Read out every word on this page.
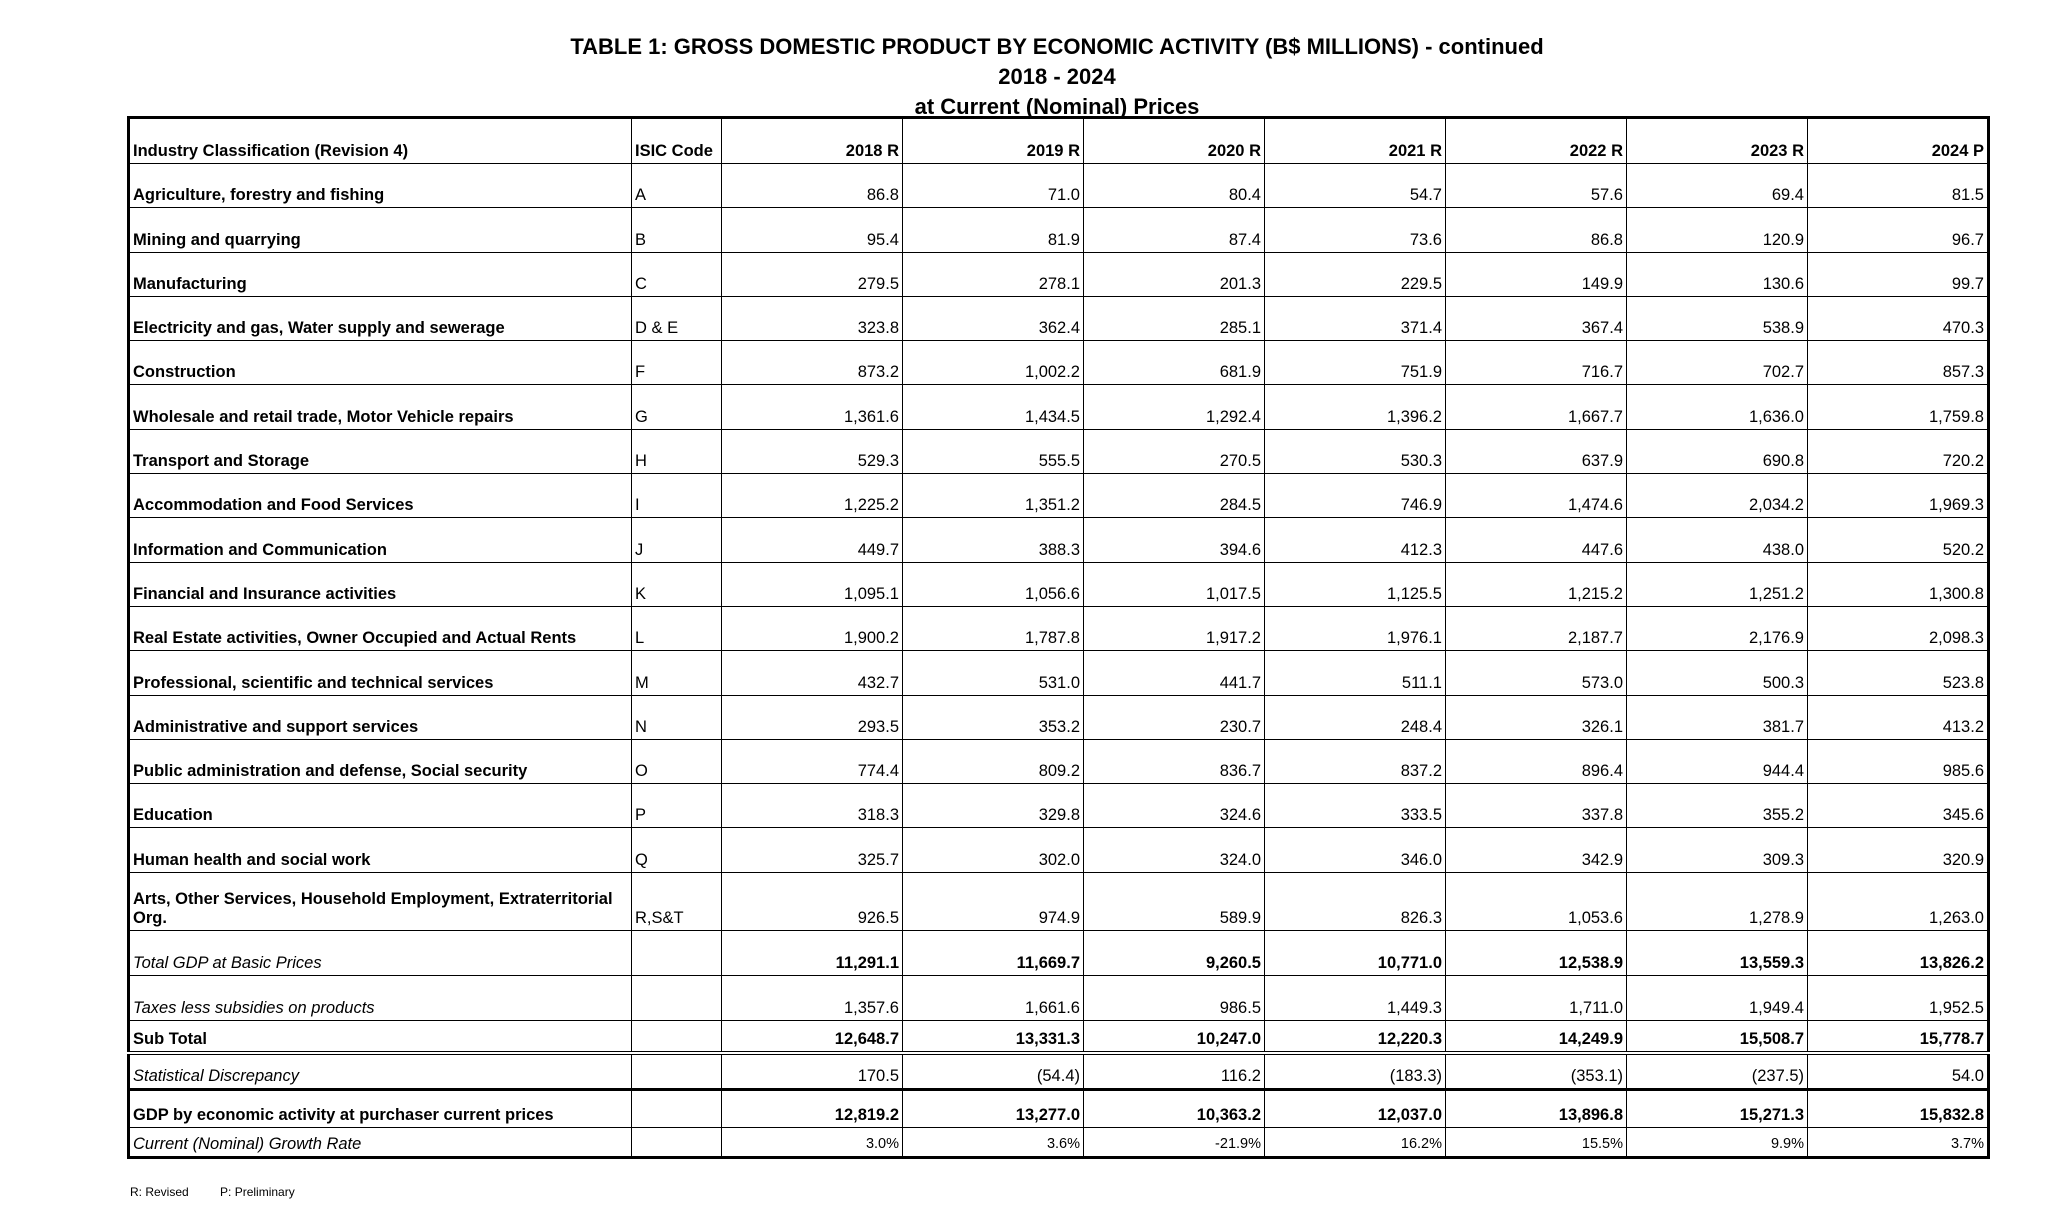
TABLE 1: GROSS DOMESTIC PRODUCT BY ECONOMIC ACTIVITY (B$ MILLIONS) - continued
2018 - 2024
at Current (Nominal) Prices
Industry Classification (Revision 4)	ISIC Code	2018 R	2019 R	2020 R	2021 R	2022 R	2023 R	2024 P
Agriculture, forestry and fishing	A	86.8	71.0	80.4	54.7	57.6	69.4	81.5
Mining and quarrying	B	95.4	81.9	87.4	73.6	86.8	120.9	96.7
Manufacturing	C	279.5	278.1	201.3	229.5	149.9	130.6	99.7
Electricity and gas, Water supply and sewerage	D & E	323.8	362.4	285.1	371.4	367.4	538.9	470.3
Construction	F	873.2	1,002.2	681.9	751.9	716.7	702.7	857.3
Wholesale and retail trade, Motor Vehicle repairs	G	1,361.6	1,434.5	1,292.4	1,396.2	1,667.7	1,636.0	1,759.8
Transport and Storage	H	529.3	555.5	270.5	530.3	637.9	690.8	720.2
Accommodation and Food Services	I	1,225.2	1,351.2	284.5	746.9	1,474.6	2,034.2	1,969.3
Information and Communication	J	449.7	388.3	394.6	412.3	447.6	438.0	520.2
Financial and Insurance activities	K	1,095.1	1,056.6	1,017.5	1,125.5	1,215.2	1,251.2	1,300.8
Real Estate activities, Owner Occupied and Actual Rents	L	1,900.2	1,787.8	1,917.2	1,976.1	2,187.7	2,176.9	2,098.3
Professional, scientific and technical services	M	432.7	531.0	441.7	511.1	573.0	500.3	523.8
Administrative and support services	N	293.5	353.2	230.7	248.4	326.1	381.7	413.2
Public administration and defense, Social security	O	774.4	809.2	836.7	837.2	896.4	944.4	985.6
Education	P	318.3	329.8	324.6	333.5	337.8	355.2	345.6
Human health and social work	Q	325.7	302.0	324.0	346.0	342.9	309.3	320.9
Arts, Other Services, Household Employment, Extraterritorial Org.	R,S&T	926.5	974.9	589.9	826.3	1,053.6	1,278.9	1,263.0
Total GDP at Basic Prices		11,291.1	11,669.7	9,260.5	10,771.0	12,538.9	13,559.3	13,826.2
Taxes less subsidies on products		1,357.6	1,661.6	986.5	1,449.3	1,711.0	1,949.4	1,952.5
Sub Total		12,648.7	13,331.3	10,247.0	12,220.3	14,249.9	15,508.7	15,778.7
Statistical Discrepancy		170.5	(54.4)	116.2	(183.3)	(353.1)	(237.5)	54.0
GDP by economic activity at purchaser current prices		12,819.2	13,277.0	10,363.2	12,037.0	13,896.8	15,271.3	15,832.8
Current (Nominal) Growth Rate		3.0%	3.6%	-21.9%	16.2%	15.5%	9.9%	3.7%
R: Revised	P: Preliminary
